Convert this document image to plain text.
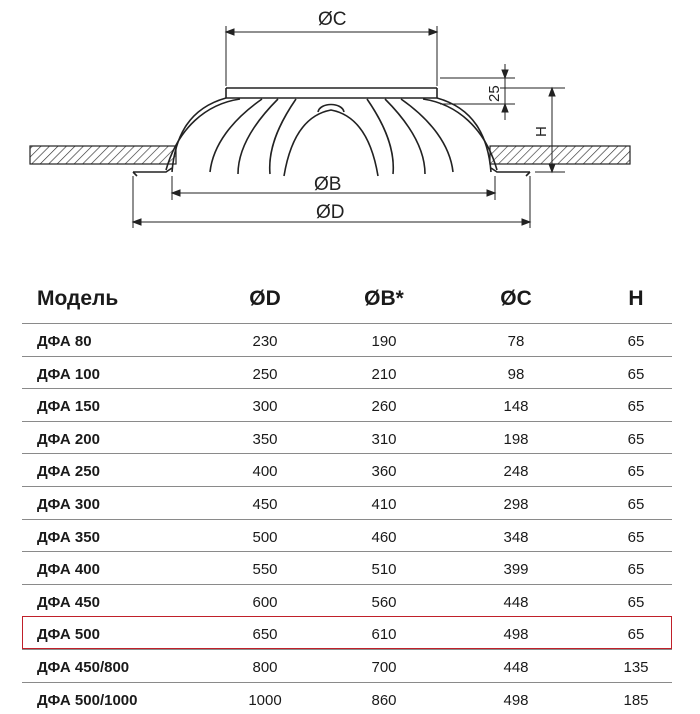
ØC
25
H
ØB
ØD
Модель	ØD	ØB*	ØC	H
ДФА 80	230	190	78	65
ДФА 100	250	210	98	65
ДФА 150	300	260	148	65
ДФА 200	350	310	198	65
ДФА 250	400	360	248	65
ДФА 300	450	410	298	65
ДФА 350	500	460	348	65
ДФА 400	550	510	399	65
ДФА 450	600	560	448	65
ДФА 500	650	610	498	65
ДФА 450/800	800	700	448	135
ДФА 500/1000	1000	860	498	185
